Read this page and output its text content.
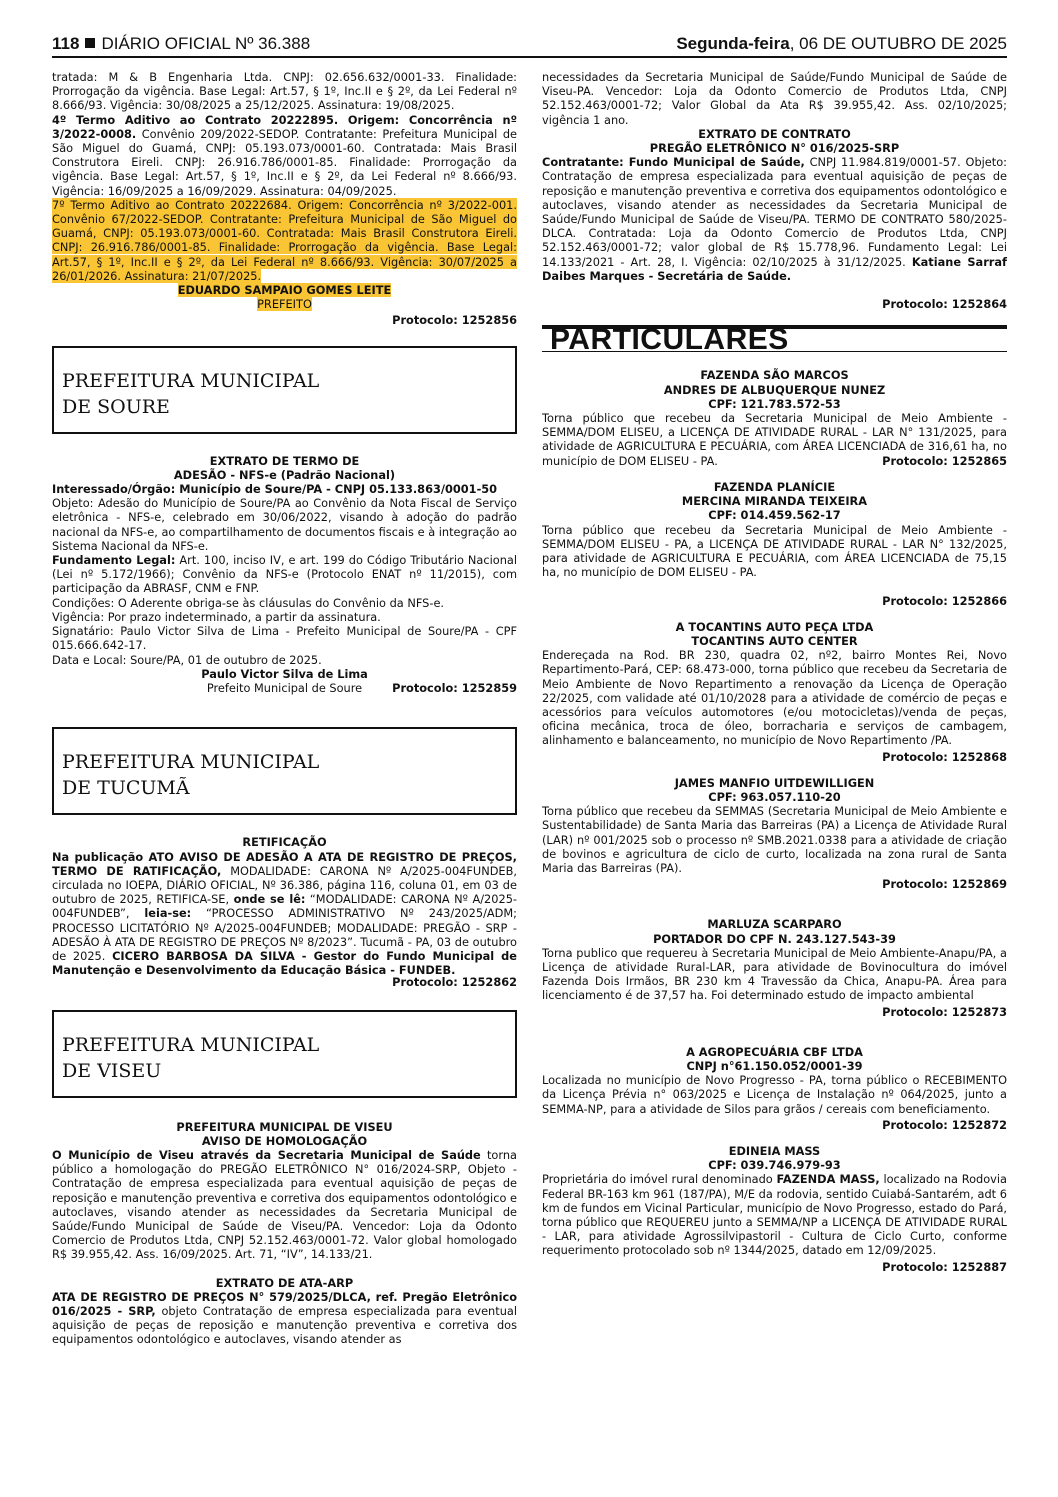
118 DIÁRIO OFICIAL Nº 36.388	Segunda-feira, 06 DE OUTUBRO DE 2025

tratada: M & B Engenharia Ltda. CNPJ: 02.656.632/0001-33. Finalidade: Prorrogação da vigência. Base Legal: Art.57, § 1º, Inc.II e § 2º, da Lei Federal nº 8.666/93. Vigência: 30/08/2025 a 25/12/2025. Assinatura: 19/08/2025.

4º Termo Aditivo ao Contrato 20222895. Origem: Concorrência nº 3/2022-0008. Convênio 209/2022-SEDOP. Contratante: Prefeitura Municipal de São Miguel do Guamá, CNPJ: 05.193.073/0001-60. Contratada: Mais Brasil Construtora Eireli. CNPJ: 26.916.786/0001-85. Finalidade: Prorrogação da vigência. Base Legal: Art.57, § 1º, Inc.II e § 2º, da Lei Federal nº 8.666/93. Vigência: 16/09/2025 a 16/09/2029. Assinatura: 04/09/2025.

7º Termo Aditivo ao Contrato 20222684. Origem: Concorrência nº 3/2022-001. Convênio 67/2022-SEDOP. Contratante: Prefeitura Municipal de São Miguel do Guamá, CNPJ: 05.193.073/0001-60. Contratada: Mais Brasil Construtora Eireli. CNPJ: 26.916.786/0001-85. Finalidade: Prorrogação da vigência. Base Legal: Art.57, § 1º, Inc.II e § 2º, da Lei Federal nº 8.666/93. Vigência: 30/07/2025 a 26/01/2026. Assinatura: 21/07/2025.

EDUARDO SAMPAIO GOMES LEITE

PREFEITO

Protocolo: 1252856

PREFEITURA MUNICIPAL
DE SOURE

EXTRATO DE TERMO DE

ADESÃO - NFS-e (Padrão Nacional)

Interessado/Órgão: Município de Soure/PA - CNPJ 05.133.863/0001-50

Objeto: Adesão do Município de Soure/PA ao Convênio da Nota Fiscal de Serviço eletrônica - NFS-e, celebrado em 30/06/2022, visando à adoção do padrão nacional da NFS-e, ao compartilhamento de documentos fiscais e à integração ao Sistema Nacional da NFS-e.

Fundamento Legal: Art. 100, inciso IV, e art. 199 do Código Tributário Nacional (Lei nº 5.172/1966); Convênio da NFS-e (Protocolo ENAT nº 11/2015), com participação da ABRASF, CNM e FNP.

Condições: O Aderente obriga-se às cláusulas do Convênio da NFS-e.

Vigência: Por prazo indeterminado, a partir da assinatura.

Signatário: Paulo Victor Silva de Lima - Prefeito Municipal de Soure/PA - CPF 015.666.642-17.

Data e Local: Soure/PA, 01 de outubro de 2025.

Paulo Victor Silva de Lima

Prefeito Municipal de Soure	Protocolo: 1252859

PREFEITURA MUNICIPAL
DE TUCUMÃ

RETIFICAÇÃO

Na publicação ATO AVISO DE ADESÃO A ATA DE REGISTRO DE PREÇOS, TERMO DE RATIFICAÇÃO, MODALIDADE: CARONA Nº A/2025-004FUNDEB, circulada no IOEPA, DIÁRIO OFICIAL, Nº 36.386, página 116, coluna 01, em 03 de outubro de 2025, RETIFICA-SE, onde se lê: “MODALIDADE: CARONA Nº A/2025-004FUNDEB”, leia-se: “PROCESSO ADMINISTRATIVO Nº 243/2025/ADM; PROCESSO LICITATÓRIO Nº A/2025-004FUNDEB; MODALIDADE: PREGÃO - SRP - ADESÃO À ATA DE REGISTRO DE PREÇOS Nº 8/2023”. Tucumã - PA, 03 de outubro de 2025. CICERO BARBOSA DA SILVA - Gestor do Fundo Municipal de Manutenção e Desenvolvimento da Educação Básica - FUNDEB.

Protocolo: 1252862

PREFEITURA MUNICIPAL
DE VISEU

PREFEITURA MUNICIPAL DE VISEU

AVISO DE HOMOLOGAÇÃO

O Município de Viseu através da Secretaria Municipal de Saúde torna público a homologação do PREGÃO ELETRÔNICO N° 016/2024-SRP, Objeto - Contratação de empresa especializada para eventual aquisição de peças de reposição e manutenção preventiva e corretiva dos equipamentos odontológico e autoclaves, visando atender as necessidades da Secretaria Municipal de Saúde/Fundo Municipal de Saúde de Viseu/PA. Vencedor: Loja da Odonto Comercio de Produtos Ltda, CNPJ 52.152.463/0001-72. Valor global homologado R$ 39.955,42. Ass. 16/09/2025. Art. 71, “IV”, 14.133/21.

EXTRATO DE ATA-ARP

ATA DE REGISTRO DE PREÇOS N° 579/2025/DLCA, ref. Pregão Eletrônico 016/2025 - SRP, objeto Contratação de empresa especializada para eventual aquisição de peças de reposição e manutenção preventiva e corretiva dos equipamentos odontológico e autoclaves, visando atender as

necessidades da Secretaria Municipal de Saúde/Fundo Municipal de Saúde de Viseu-PA. Vencedor: Loja da Odonto Comercio de Produtos Ltda, CNPJ 52.152.463/0001-72; Valor Global da Ata R$ 39.955,42. Ass. 02/10/2025; vigência 1 ano.

EXTRATO DE CONTRATO

PREGÃO ELETRÔNICO N° 016/2025-SRP

Contratante: Fundo Municipal de Saúde, CNPJ 11.984.819/0001-57. Objeto: Contratação de empresa especializada para eventual aquisição de peças de reposição e manutenção preventiva e corretiva dos equipamentos odontológico e autoclaves, visando atender as necessidades da Secretaria Municipal de Saúde/Fundo Municipal de Saúde de Viseu/PA. TERMO DE CONTRATO 580/2025-DLCA. Contratada: Loja da Odonto Comercio de Produtos Ltda, CNPJ 52.152.463/0001-72; valor global de R$ 15.778,96. Fundamento Legal: Lei 14.133/2021 - Art. 28, I. Vigência: 02/10/2025 à 31/12/2025. Katiane Sarraf Daibes Marques - Secretária de Saúde.

Protocolo: 1252864

PARTICULARES

FAZENDA SÃO MARCOS

ANDRES DE ALBUQUERQUE NUNEZ

CPF: 121.783.572-53

Torna público que recebeu da Secretaria Municipal de Meio Ambiente - SEMMA/DOM ELISEU, a LICENÇA DE ATIVIDADE RURAL - LAR N° 131/2025, para atividade de AGRICULTURA E PECUÁRIA, com ÁREA LICENCIADA de 316,61 ha, no município de DOM ELISEU - PA.	Protocolo: 1252865

FAZENDA PLANÍCIE

MERCINA MIRANDA TEIXEIRA

CPF: 014.459.562-17

Torna público que recebeu da Secretaria Municipal de Meio Ambiente - SEMMA/DOM ELISEU - PA, a LICENÇA DE ATIVIDADE RURAL - LAR N° 132/2025, para atividade de AGRICULTURA E PECUÁRIA, com ÁREA LICENCIADA de 75,15 ha, no município de DOM ELISEU - PA.

Protocolo: 1252866

A TOCANTINS AUTO PEÇA LTDA

TOCANTINS AUTO CENTER

Endereçada na Rod. BR 230, quadra 02, nº2, bairro Montes Rei, Novo Repartimento-Pará, CEP: 68.473-000, torna público que recebeu da Secretaria de Meio Ambiente de Novo Repartimento a renovação da Licença de Operação 22/2025, com validade até 01/10/2028 para a atividade de comércio de peças e acessórios para veículos automotores (e/ou motocicletas)/venda de peças, oficina mecânica, troca de óleo, borracharia e serviços de cambagem, alinhamento e balanceamento, no município de Novo Repartimento /PA.

Protocolo: 1252868

JAMES MANFIO UITDEWILLIGEN

CPF: 963.057.110-20

Torna público que recebeu da SEMMAS (Secretaria Municipal de Meio Ambiente e Sustentabilidade) de Santa Maria das Barreiras (PA) a Licença de Atividade Rural (LAR) nº 001/2025 sob o processo nº SMB.2021.0338 para a atividade de criação de bovinos e agricultura de ciclo de curto, localizada na zona rural de Santa Maria das Barreiras (PA).

Protocolo: 1252869

MARLUZA SCARPARO

PORTADOR DO CPF N. 243.127.543-39

Torna publico que requereu à Secretaria Municipal de Meio Ambiente-Anapu/PA, a Licença de atividade Rural-LAR, para atividade de Bovinocultura do imóvel Fazenda Dois Irmãos, BR 230 km 4 Travessão da Chica, Anapu-PA. Área para licenciamento é de 37,57 ha. Foi determinado estudo de impacto ambiental

Protocolo: 1252873

A AGROPECUÁRIA CBF LTDA

CNPJ n°61.150.052/0001-39

Localizada no município de Novo Progresso - PA, torna público o RECEBIMENTO da Licença Prévia n° 063/2025 e Licença de Instalação nº 064/2025, junto a SEMMA-NP, para a atividade de Silos para grãos / cereais com beneficiamento.

Protocolo: 1252872

EDINEIA MASS

CPF: 039.746.979-93

Proprietária do imóvel rural denominado FAZENDA MASS, localizado na Rodovia Federal BR-163 km 961 (187/PA), M/E da rodovia, sentido Cuiabá-Santarém, adt 6 km de fundos em Vicinal Particular, município de Novo Progresso, estado do Pará, torna público que REQUEREU junto a SEMMA/NP a LICENÇA DE ATIVIDADE RURAL - LAR, para atividade Agrossilvipastoril - Cultura de Ciclo Curto, conforme requerimento protocolado sob nº 1344/2025, datado em 12/09/2025.

Protocolo: 1252887
